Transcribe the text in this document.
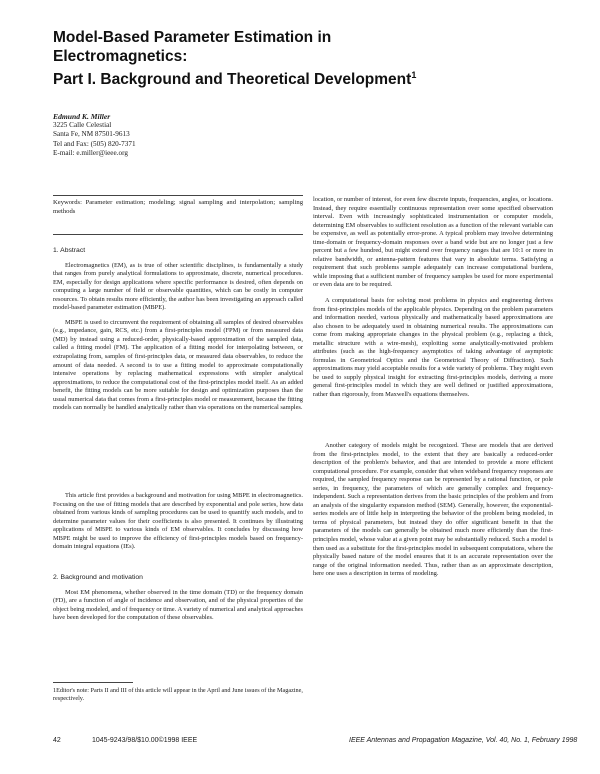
Model-Based Parameter Estimation in
Electromagnetics:
Part I. Background and Theoretical Development$^1$
Edmund K. Miller
3225 Calle Celestial
Santa Fe, NM 87501-9613
Tel and Fax: (505) 820-7371
E-mail: e.miller@ieee.org
Keywords: Parameter estimation; modeling; signal sampling and interpolation; sampling methods
1. Abstract

Electromagnetics (EM), as is true of other scientific disciplines, is fundamentally a study that ranges from purely analytical formulations to approximate, discrete, numerical procedures. EM, especially for design applications where specific performance is desired, often depends on computing a large number of field or observable quantities, which can be costly in computer resources. To obtain results more efficiently, the author has been investigating an approach called model-based parameter estimation (MBPE).

MBPE is used to circumvent the requirement of obtaining all samples of desired observables (e.g., impedance, gain, RCS, etc.) from a first-principles model (FPM) or from measured data (MD) by instead using a reduced-order, physically-based approximation of the sampled data, called a fitting model (FM). The application of a fitting model for interpolating between, or extrapolating from, samples of first-principles data, or measured data observables, to reduce the amount of data needed. A second is to use a fitting model to approximate computationally intensive operations by replacing mathematical expressions with simpler analytical approximations, to reduce the computational cost of the first-principles model itself. As an added benefit, the fitting models can be more suitable for design and optimization purposes than the usual numerical data that comes from a first-principles model or measurement, because the fitting models can normally be handled analytically rather than via operations on the numerical samples.

This article first provides a background and motivation for using MBPE in electromagnetics. Focusing on the use of fitting models that are described by exponential and pole series, how data obtained from various kinds of sampling procedures can be used to quantify such models, and to determine parameter values for their coefficients is also presented. It continues by illustrating applications of MBPE to various kinds of EM observables. It concludes by discussing how MBPE might be used to improve the efficiency of first-principles models based on frequency-domain integral equations (IEs).

2. Background and motivation

Most EM phenomena, whether observed in the time domain (TD) or the frequency domain (FD), are a function of angle of incidence and observation, and of the physical properties of the object being modeled, and of frequency or time. A variety of numerical and analytical approaches have been developed for the computation of these observables.

location, or number of interest, for even few discrete inputs, frequencies, angles, or locations. Instead, they require essentially continuous representation over some specified observation interval. Even with increasingly sophisticated instrumentation or computer models, determining EM observables to sufficient resolution as a function of the relevant variable can be expensive, as well as potentially error-prone. A typical problem may involve determining time-domain or frequency-domain responses over a band wide but are no longer just a few percent but a few hundred, but might extend over frequency ranges that are 10:1 or more in relative bandwidth, or antenna-pattern features that vary in absolute terms. Satisfying a requirement that such problems sample adequately can increase computational burdens, while imposing that a sufficient number of frequency samples be used for more experimental or even data are to be required.

A computational basis for solving most problems in physics and engineering derives from first-principles models of the applicable physics. Depending on the problem parameters and information needed, various physically and mathematically based approximations are also chosen to be adequately used in obtaining numerical results. The approximations can come from making appropriate changes in the physical problem (e.g., replacing a thick, metallic structure with a wire-mesh), exploiting some analytically-motivated problem attributes (such as the high-frequency asymptotics of taking advantage of asymptotic formulas in Geometrical Optics and the Geometrical Theory of Diffraction). Such approximations may yield acceptable results for a wide variety of problems. They might even be used to supply physical insight for extracting first-principles models, deriving a more general first-principles model in which they are well defined or justified approximations, rather than rigorously, from Maxwell's equations themselves.

Another category of models might be recognized. These are models that are derived from the first-principles model, to the extent that they are basically a reduced-order description of the problem's behavior, and that are intended to provide a more efficient computational procedure. For example, consider that when wideband frequency responses are required, the sampled frequency response can be represented by a rational function, or pole series, in frequency, the parameters of which are generally complex and frequency-independent. Such a representation derives from the basic principles of the problem and from an analysis of the singularity expansion method (SEM). Generally, however, the exponential-series models are of little help in interpreting the behavior of the problem being modeled, in terms of physical parameters, but instead they do offer significant benefit in that the parameters of the models can generally be obtained much more efficiently than the first-principles model, whose value at a given point may be substantially reduced. Such a model is then used as a substitute for the first-principles model in subsequent computations, where the physically based nature of the model ensures that it is an accurate representation over the range of the original information needed. Thus, rather than as an approximate description, here one uses a description in terms of modeling.

1Editor's note: Parts II and III of this article will appear in the April and June issues of the Magazine, respectively.
42	1045-9243/98/$10.00©1998 IEEE	IEEE Antennas and Propagation Magazine, Vol. 40, No. 1, February 1998
